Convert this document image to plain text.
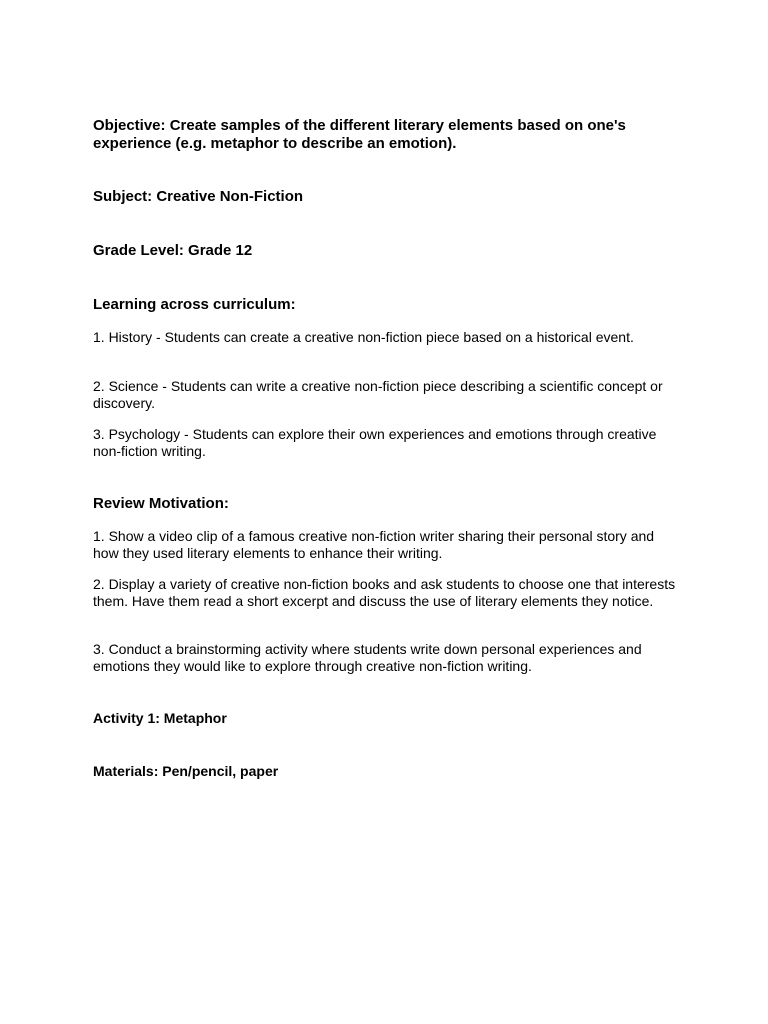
Objective: Create samples of the different literary elements based on one's experience (e.g. metaphor to describe an emotion).

Subject: Creative Non-Fiction

Grade Level: Grade 12

Learning across curriculum:

1. History - Students can create a creative non-fiction piece based on a historical event.

2. Science - Students can write a creative non-fiction piece describing a scientific concept or discovery.

3. Psychology - Students can explore their own experiences and emotions through creative non-fiction writing.

Review Motivation:

1. Show a video clip of a famous creative non-fiction writer sharing their personal story and how they used literary elements to enhance their writing.

2. Display a variety of creative non-fiction books and ask students to choose one that interests them. Have them read a short excerpt and discuss the use of literary elements they notice.

3. Conduct a brainstorming activity where students write down personal experiences and emotions they would like to explore through creative non-fiction writing.

Activity 1: Metaphor

Materials: Pen/pencil, paper
